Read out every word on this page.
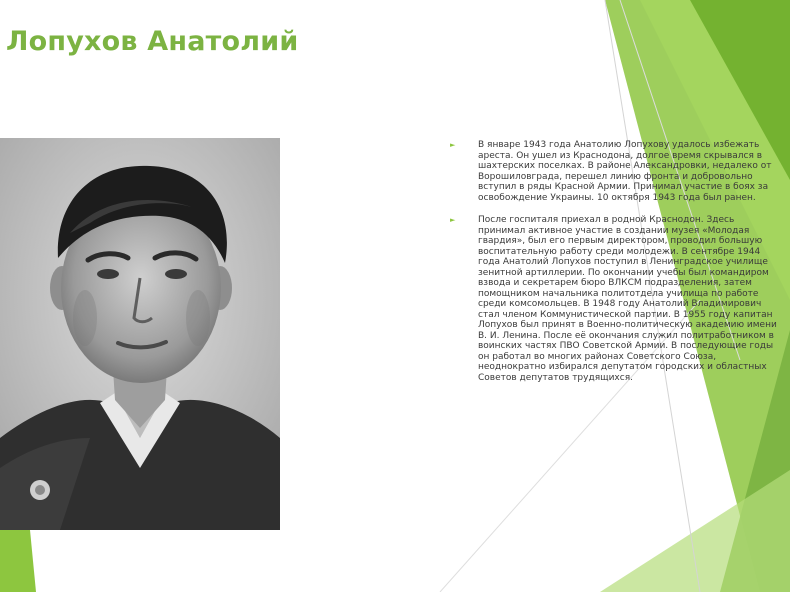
Лопухов Анатолий
►	В январе 1943 года Анатолию Лопухову удалось избежать ареста. Он ушел из Краснодона, долгое время скрывался в шахтерских поселках. В районе Александровки, недалеко от Ворошиловграда, перешел линию фронта и добровольно вступил в ряды Красной Армии. Принимал участие в боях за освобождение Украины. 10 октября 1943 года был ранен.
►	После госпиталя приехал в родной Краснодон. Здесь принимал активное участие в создании музея «Молодая гвардия», был его первым директором, проводил большую воспитательную работу среди молодежи. В сентябре 1944 года Анатолий Лопухов поступил в Ленинградское училище зенитной артиллерии. По окончании учебы был командиром взвода и секретарем бюро ВЛКСМ подразделения, затем помощником начальника политотдела училища по работе среди комсомольцев. В 1948 году Анатолий Владимирович стал членом Коммунистической партии. В 1955 году капитан Лопухов был принят в Военно-политическую академию имени В. И. Ленина. После её окончания служил политработником в воинских частях ПВО Советской Армии. В последующие годы он работал во многих районах Советского Союза, неоднократно избирался депутатом городских и областных Советов депутатов трудящихся.
